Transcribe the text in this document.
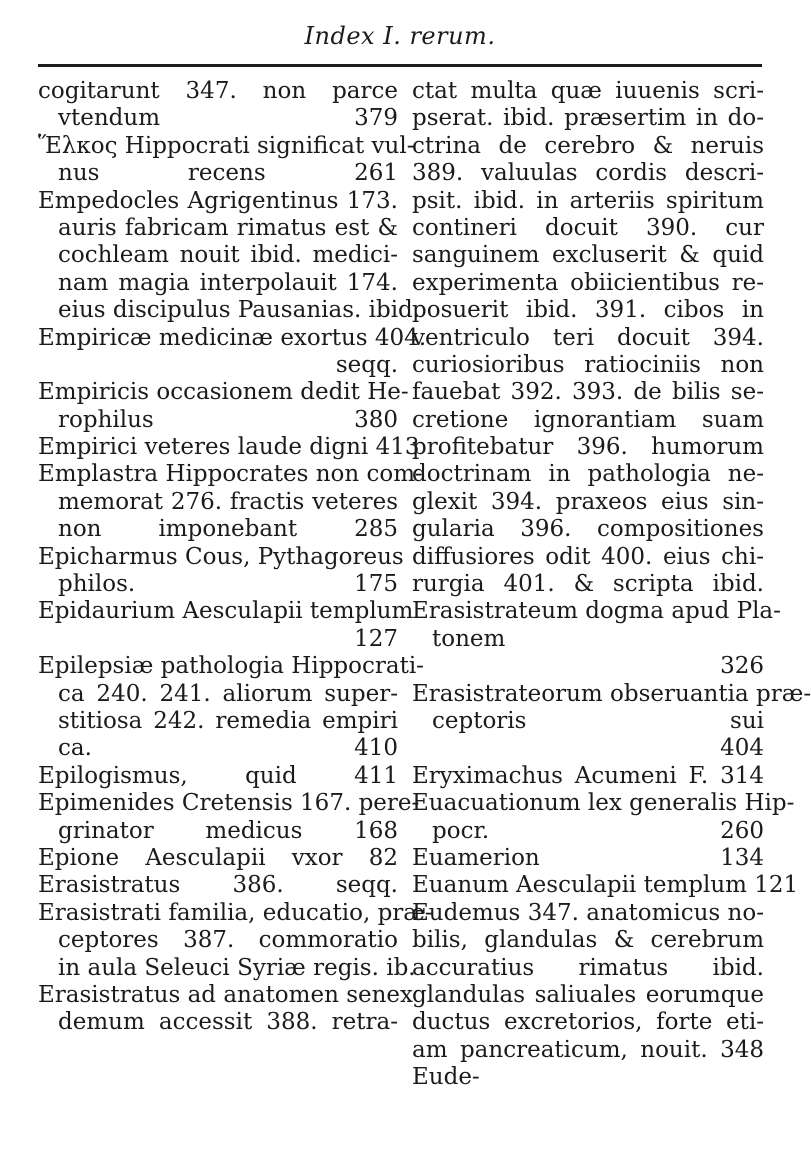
Index I. rerum.
cogitarunt 347. non parce
vtendum 379
Ἕλκος Hippocrati significat vul-
nus recens 261
Empedocles Agrigentinus 173.
auris fabricam rimatus est &
cochleam nouit ibid. medici-
nam magia interpolauit 174.
eius discipulus Pausanias. ibid.
Empiricæ medicinæ exortus 404.
seqq.
Empiricis occasionem dedit He-
rophilus 380
Empirici veteres laude digni 413
Emplastra Hippocrates non com-
memorat 276. fractis veteres
non imponebant 285
Epicharmus Cous, Pythagoreus
philos. 175
Epidaurium Aesculapii templum
127
Epilepsiæ pathologia Hippocrati-
ca 240. 241. aliorum super-
stitiosa 242. remedia empiri
ca. 410
Epilogismus, quid 411
Epimenides Cretensis 167. pere-
grinator medicus 168
Epione Aesculapii vxor 82
Erasistratus 386. seqq.
Erasistrati familia, educatio, præ-
ceptores 387. commoratio
in aula Seleuci Syriæ regis. ib.
Erasistratus ad anatomen senex
demum accessit 388. retra-
ctat multa quæ iuuenis scri-
pserat. ibid. præsertim in do-
ctrina de cerebro & neruis
389. valuulas cordis descri-
psit. ibid. in arteriis spiritum
contineri docuit 390. cur
sanguinem excluserit & quid
experimenta obiicientibus re-
posuerit ibid. 391. cibos in
ventriculo teri docuit 394.
curiosioribus ratiociniis non
fauebat 392. 393. de bilis se-
cretione ignorantiam suam
profitebatur 396. humorum
doctrinam in pathologia ne-
glexit 394. praxeos eius sin-
gularia 396. compositiones
diffusiores odit 400. eius chi-
rurgia 401. & scripta ibid.
Erasistrateum dogma apud Pla-
tonem
326
Erasistrateorum obseruantia præ-
ceptoris sui
404
Eryximachus Acumeni F. 314
Euacuationum lex generalis Hip-
pocr. 260
Euamerion 134
Euanum Aesculapii templum 121
Eudemus 347. anatomicus no-
bilis, glandulas & cerebrum
accuratius rimatus ibid.
glandulas saliuales eorumque
ductus excretorios, forte eti-
am pancreaticum, nouit. 348
Eude-
